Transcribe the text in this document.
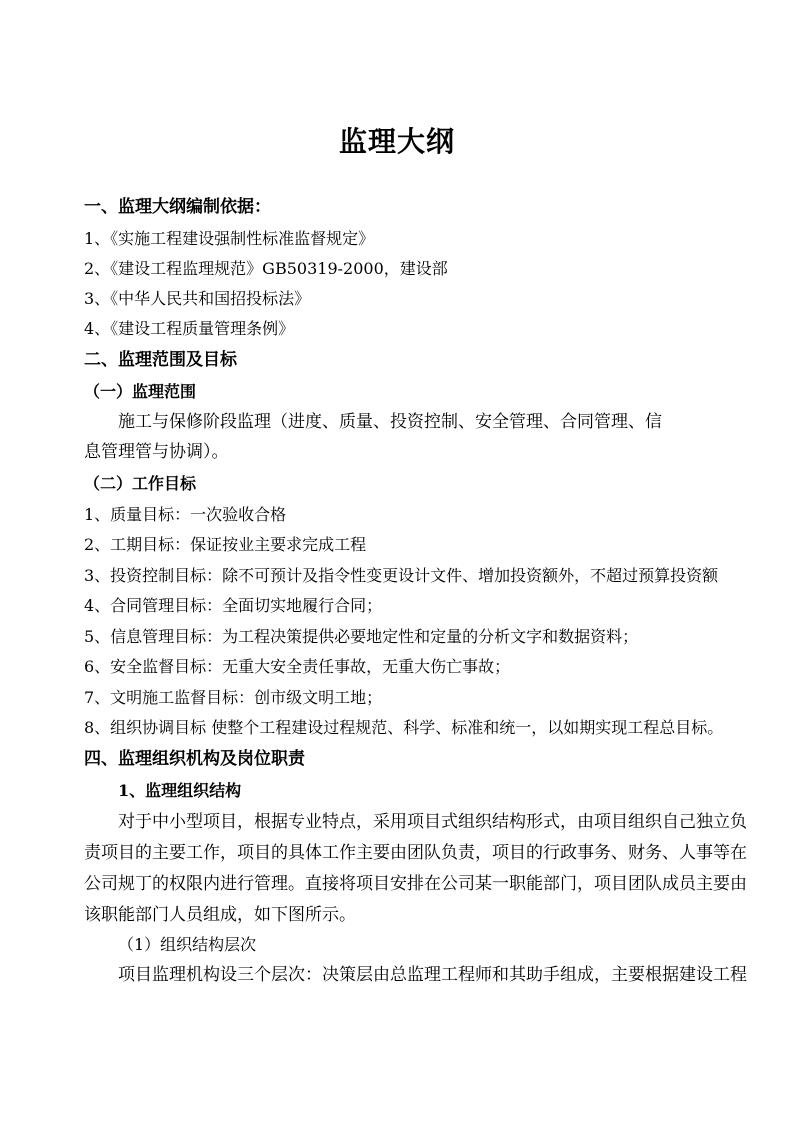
监理大纲
一、监理大纲编制依据：
1、《实施工程建设强制性标准监督规定》
2、《建设工程监理规范》GB50319-2000，建设部
3、《中华人民共和国招投标法》
4、《建设工程质量管理条例》
二、监理范围及目标
（一）监理范围
施工与保修阶段监理（进度、质量、投资控制、安全管理、合同管理、信
息管理管与协调）。
（二）工作目标
1、质量目标：一次验收合格
2、工期目标：保证按业主要求完成工程
3、投资控制目标：除不可预计及指令性变更设计文件、增加投资额外，不超过预算投资额
4、合同管理目标：全面切实地履行合同；
5、信息管理目标：为工程决策提供必要地定性和定量的分析文字和数据资料；
6、安全监督目标：无重大安全责任事故，无重大伤亡事故；
7、文明施工监督目标：创市级文明工地；
8、组织协调目标 使整个工程建设过程规范、科学、标准和统一，以如期实现工程总目标。
四、监理组织机构及岗位职责
1、监理组织结构
对于中小型项目，根据专业特点，采用项目式组织结构形式，由项目组织自己独立负
责项目的主要工作，项目的具体工作主要由团队负责，项目的行政事务、财务、人事等在
公司规丁的权限内进行管理。直接将项目安排在公司某一职能部门，项目团队成员主要由
该职能部门人员组成，如下图所示。
（1）组织结构层次
项目监理机构设三个层次：决策层由总监理工程师和其助手组成，主要根据建设工程
